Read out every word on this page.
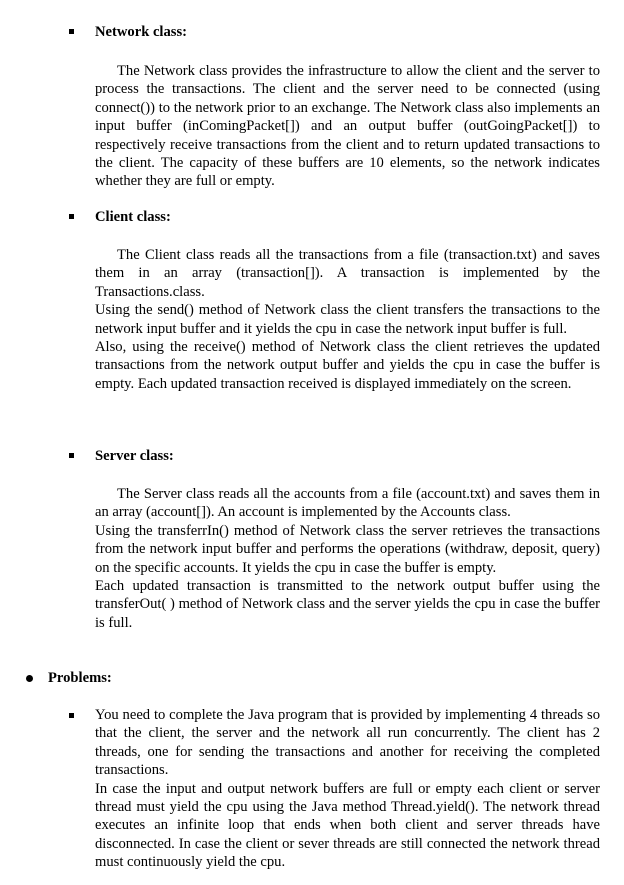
Network class:

The Network class provides the infrastructure to allow the client and the server to process the transactions. The client and the server need to be connected (using connect()) to the network prior to an exchange. The Network class also implements an input buffer (inComingPacket[]) and an output buffer (outGoingPacket[]) to respectively receive transactions from the client and to return updated transactions to the client. The capacity of these buffers are 10 elements, so the network indicates whether they are full or empty.

Client class:

The Client class reads all the transactions from a file (transaction.txt) and saves them in an array (transaction[]). A transaction is implemented by the Transactions.class.

Using the send() method of Network class the client transfers the transactions to the network input buffer and it yields the cpu in case the network input buffer is full.

Also, using the receive() method of Network class the client retrieves the updated transactions from the network output buffer and yields the cpu in case the buffer is empty. Each updated transaction received is displayed immediately on the screen.

Server class:

The Server class reads all the accounts from a file (account.txt) and saves them in an array (account[]). An account is implemented by the Accounts class.

Using the transferrIn() method of Network class the server retrieves the transactions from the network input buffer and performs the operations (withdraw, deposit, query) on the specific accounts. It yields the cpu in case the buffer is empty.

Each updated transaction is transmitted to the network output buffer using the transferOut( ) method of Network class and the server yields the cpu in case the buffer is full.

Problems:

You need to complete the Java program that is provided by implementing 4 threads so that the client, the server and the network all run concurrently. The client has 2 threads, one for sending the transactions and another for receiving the completed transactions.

In case the input and output network buffers are full or empty each client or server thread must yield the cpu using the Java method Thread.yield(). The network thread executes an infinite loop that ends when both client and server threads have disconnected. In case the client or sever threads are still connected the network thread must continuously yield the cpu.
